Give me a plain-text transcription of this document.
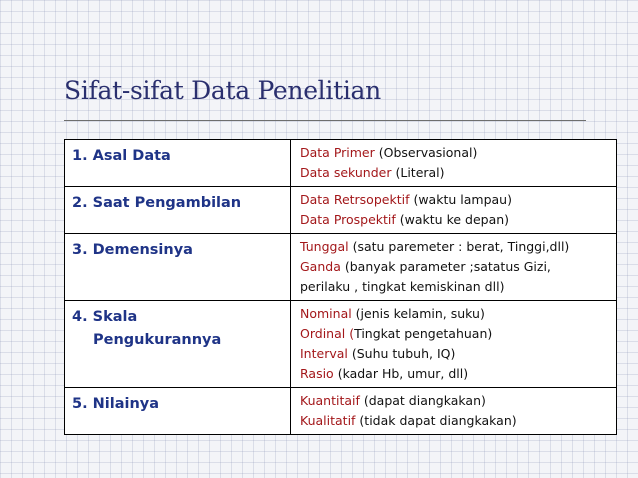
Sifat-sifat Data Penelitian
1. Asal Data	Data Primer (Observasional)
Data sekunder (Literal)

2. Saat Pengambilan	Data Retrsopektif (waktu lampau)
Data Prospektif (waktu ke depan)

3. Demensinya	Tunggal (satu paremeter : berat, Tinggi,dll)
Ganda (banyak parameter ;satatus Gizi,
perilaku , tingkat kemiskinan dll)

4. Skala
Pengukurannya	Nominal (jenis kelamin, suku)
Ordinal (Tingkat pengetahuan)
Interval (Suhu tubuh, IQ)
Rasio (kadar Hb, umur, dll)

5. Nilainya	Kuantitaif (dapat diangkakan)
Kualitatif (tidak dapat diangkakan)
